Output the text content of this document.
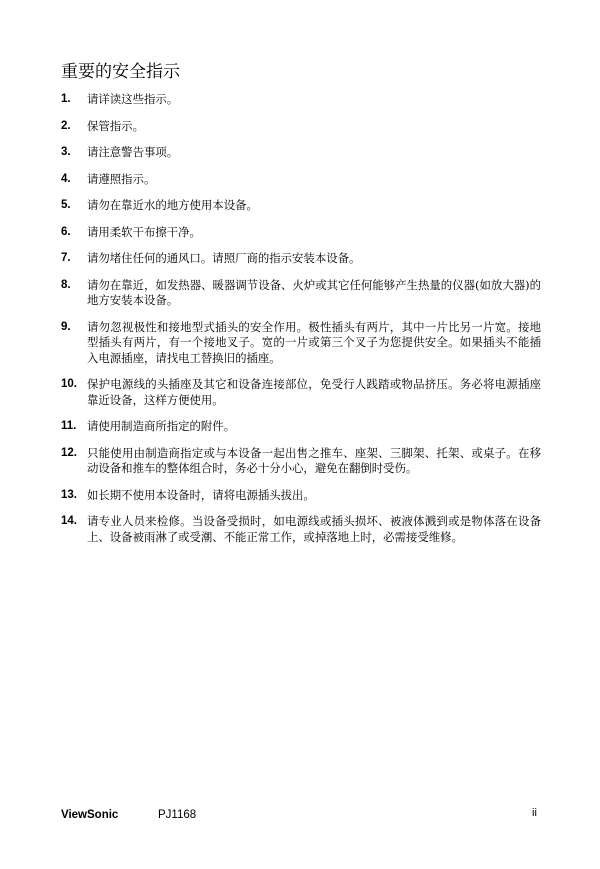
重要的安全指示
1. 请详读这些指示。
2. 保管指示。
3. 请注意警告事项。
4. 请遵照指示。
5. 请勿在靠近水的地方使用本设备。
6. 请用柔软干布擦干净。
7. 请勿堵住任何的通风口。请照厂商的指示安装本设备。
8. 请勿在靠近，如发热器、暖器调节设备、火炉或其它任何能够产生热量的仪器(如放大器)的地方安装本设备。
9. 请勿忽视极性和接地型式插头的安全作用。极性插头有两片，其中一片比另一片宽。接地型插头有两片，有一个接地叉子。宽的一片或第三个叉子为您提供安全。如果插头不能插入电源插座，请找电工替换旧的插座。
10. 保护电源线的头插座及其它和设备连接部位，免受行人践踏或物品挤压。务必将电源插座靠近设备，这样方便使用。
11. 请使用制造商所指定的附件。
12. 只能使用由制造商指定或与本设备一起出售之推车、座架、三脚架、托架、或桌子。在移动设备和推车的整体组合时，务必十分小心，避免在翻倒时受伤。
13. 如长期不使用本设备时，请将电源插头拔出。
14. 请专业人员来检修。当设备受损时，如电源线或插头损坏、被液体溅到或是物体落在设备上、设备被雨淋了或受潮、不能正常工作，或掉落地上时，必需接受维修。
ViewSonic	PJ1168	ii
